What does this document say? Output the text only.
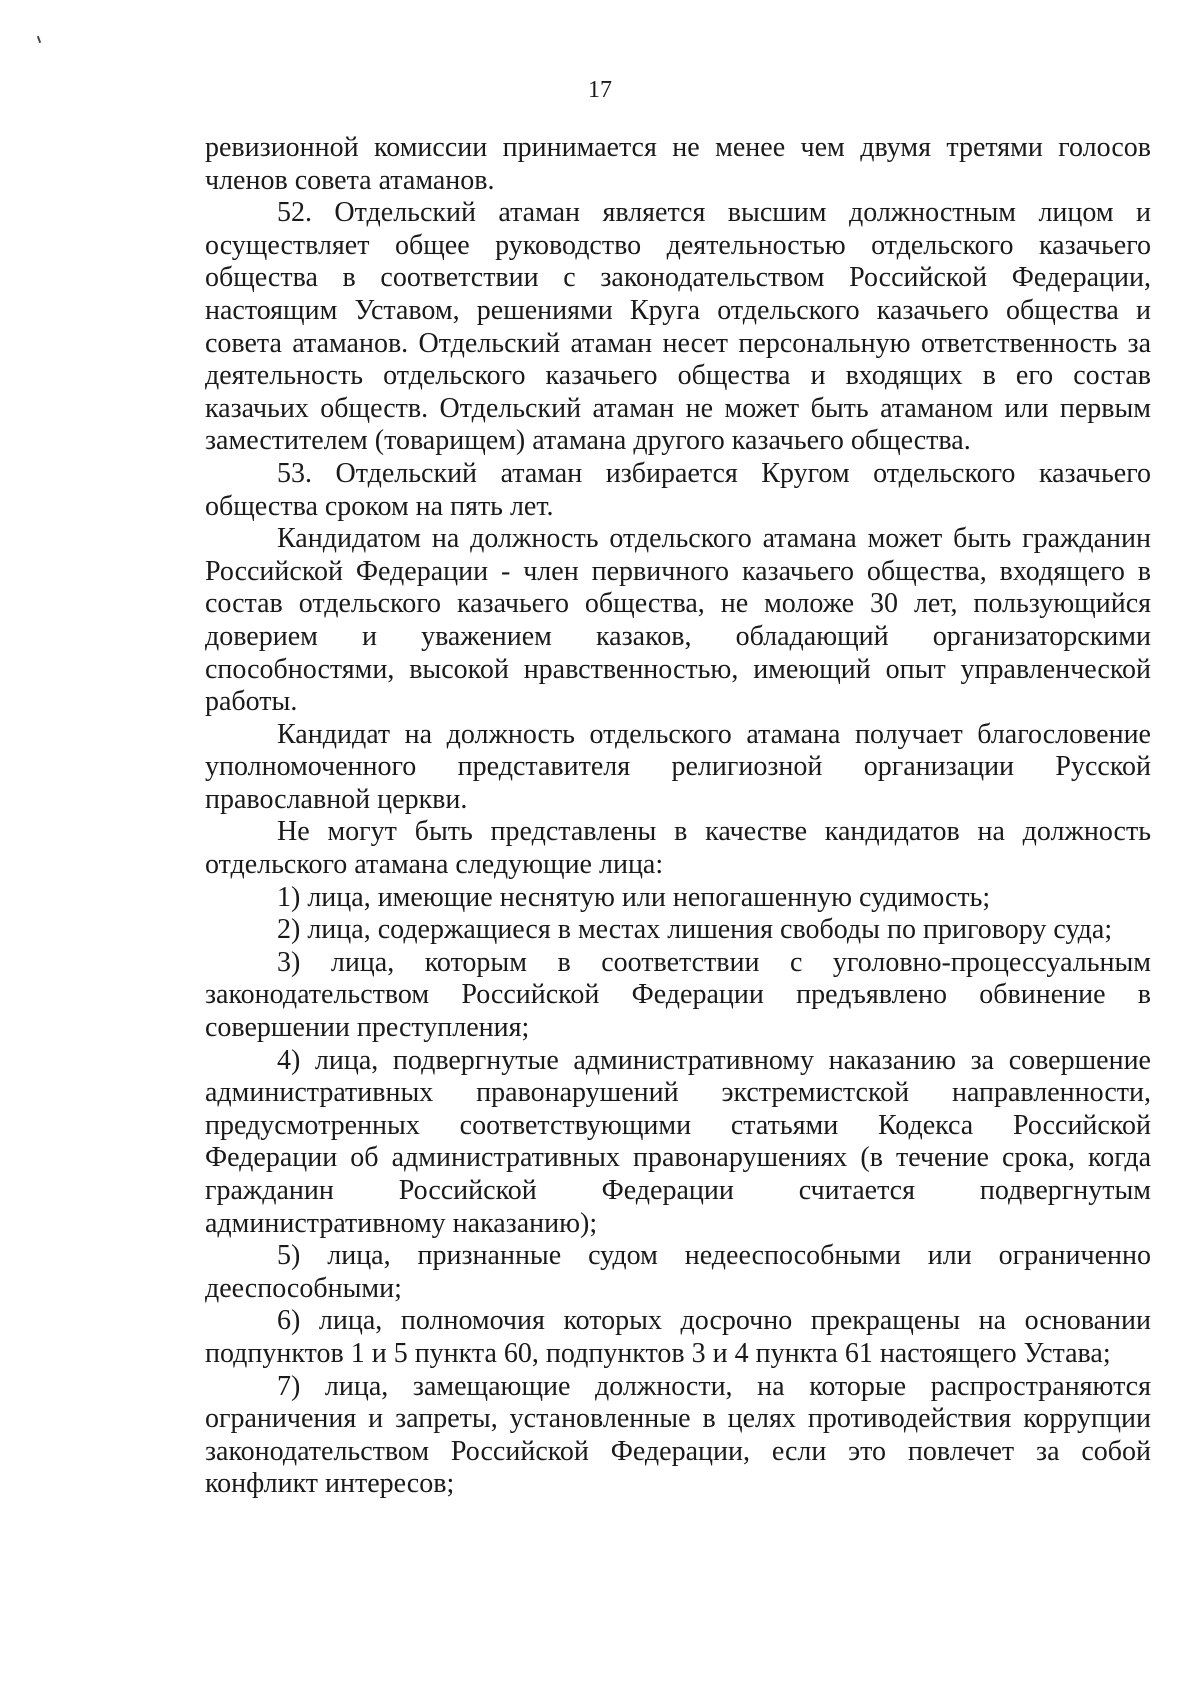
17

ревизионной комиссии принимается не менее чем двумя третями голосов членов совета атаманов.

52. Отдельский атаман является высшим должностным лицом и осуществляет общее руководство деятельностью отдельского казачьего общества в соответствии с законодательством Российской Федерации, настоящим Уставом, решениями Круга отдельского казачьего общества и совета атаманов. Отдельский атаман несет персональную ответственность за деятельность отдельского казачьего общества и входящих в его состав казачьих обществ. Отдельский атаман не может быть атаманом или первым заместителем (товарищем) атамана другого казачьего общества.

53. Отдельский атаман избирается Кругом отдельского казачьего общества сроком на пять лет.

Кандидатом на должность отдельского атамана может быть гражданин Российской Федерации - член первичного казачьего общества, входящего в состав отдельского казачьего общества, не моложе 30 лет, пользующийся доверием и уважением казаков, обладающий организаторскими способностями, высокой нравственностью, имеющий опыт управленческой работы.

Кандидат на должность отдельского атамана получает благословение уполномоченного представителя религиозной организации Русской православной церкви.

Не могут быть представлены в качестве кандидатов на должность отдельского атамана следующие лица:

1) лица, имеющие неснятую или непогашенную судимость;

2) лица, содержащиеся в местах лишения свободы по приговору суда;

3) лица, которым в соответствии с уголовно-процессуальным законодательством Российской Федерации предъявлено обвинение в совершении преступления;

4) лица, подвергнутые административному наказанию за совершение административных правонарушений экстремистской направленности, предусмотренных соответствующими статьями Кодекса Российской Федерации об административных правонарушениях (в течение срока, когда гражданин Российской Федерации считается подвергнутым административному наказанию);

5) лица, признанные судом недееспособными или ограниченно дееспособными;

6) лица, полномочия которых досрочно прекращены на основании подпунктов 1 и 5 пункта 60, подпунктов 3 и 4 пункта 61 настоящего Устава;

7) лица, замещающие должности, на которые распространяются ограничения и запреты, установленные в целях противодействия коррупции законодательством Российской Федерации, если это повлечет за собой конфликт интересов;
